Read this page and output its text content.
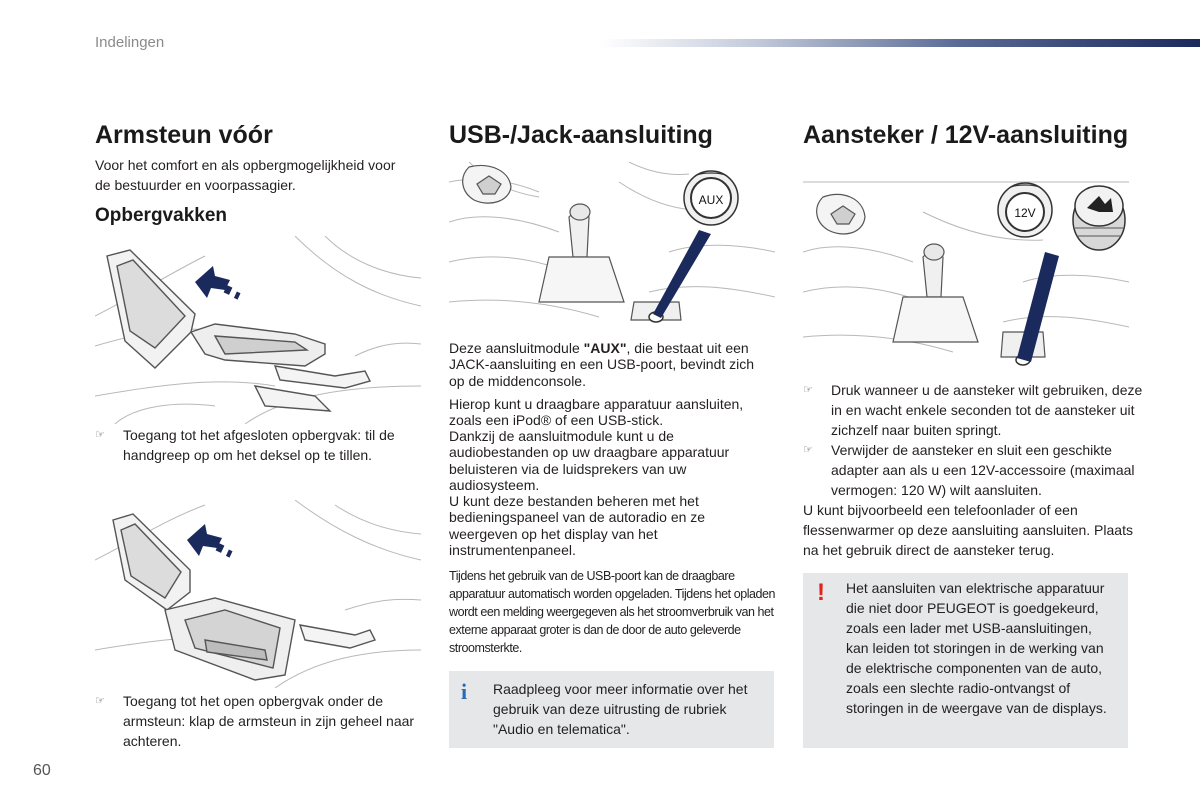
Indelingen
Armsteun vóór
Voor het comfort en als opbergmogelijkheid voor de bestuurder en voorpassagier.
Opbergvakken
☞ Toegang tot het afgesloten opbergvak: til de handgreep op om het deksel op te tillen.
☞ Toegang tot het open opbergvak onder de armsteun: klap de armsteun in zijn geheel naar achteren.
USB-/Jack-aansluiting
AUX
Deze aansluitmodule "AUX", die bestaat uit een JACK-aansluiting en een USB-poort, bevindt zich op de middenconsole.
Hierop kunt u draagbare apparatuur aansluiten, zoals een iPod® of een USB-stick.
Dankzij de aansluitmodule kunt u de audiobestanden op uw draagbare apparatuur beluisteren via de luidsprekers van uw audiosysteem.
U kunt deze bestanden beheren met het bedieningspaneel van de autoradio en ze weergeven op het display van het instrumentenpaneel.
Tijdens het gebruik van de USB-poort kan de draagbare apparatuur automatisch worden opgeladen. Tijdens het opladen wordt een melding weergegeven als het stroomverbruik van het externe apparaat groter is dan de door de auto geleverde stroomsterkte.
i Raadpleeg voor meer informatie over het gebruik van deze uitrusting de rubriek "Audio en telematica".
Aansteker / 12V-aansluiting
12V
☞ Druk wanneer u de aansteker wilt gebruiken, deze in en wacht enkele seconden tot de aansteker uit zichzelf naar buiten springt.
☞ Verwijder de aansteker en sluit een geschikte adapter aan als u een 12V-accessoire (maximaal vermogen: 120 W) wilt aansluiten.
U kunt bijvoorbeeld een telefoonlader of een flessenwarmer op deze aansluiting aansluiten. Plaats na het gebruik direct de aansteker terug.
! Het aansluiten van elektrische apparatuur die niet door PEUGEOT is goedgekeurd, zoals een lader met USB-aansluitingen, kan leiden tot storingen in de werking van de elektrische componenten van de auto, zoals een slechte radio-ontvangst of storingen in de weergave van de displays.
60
